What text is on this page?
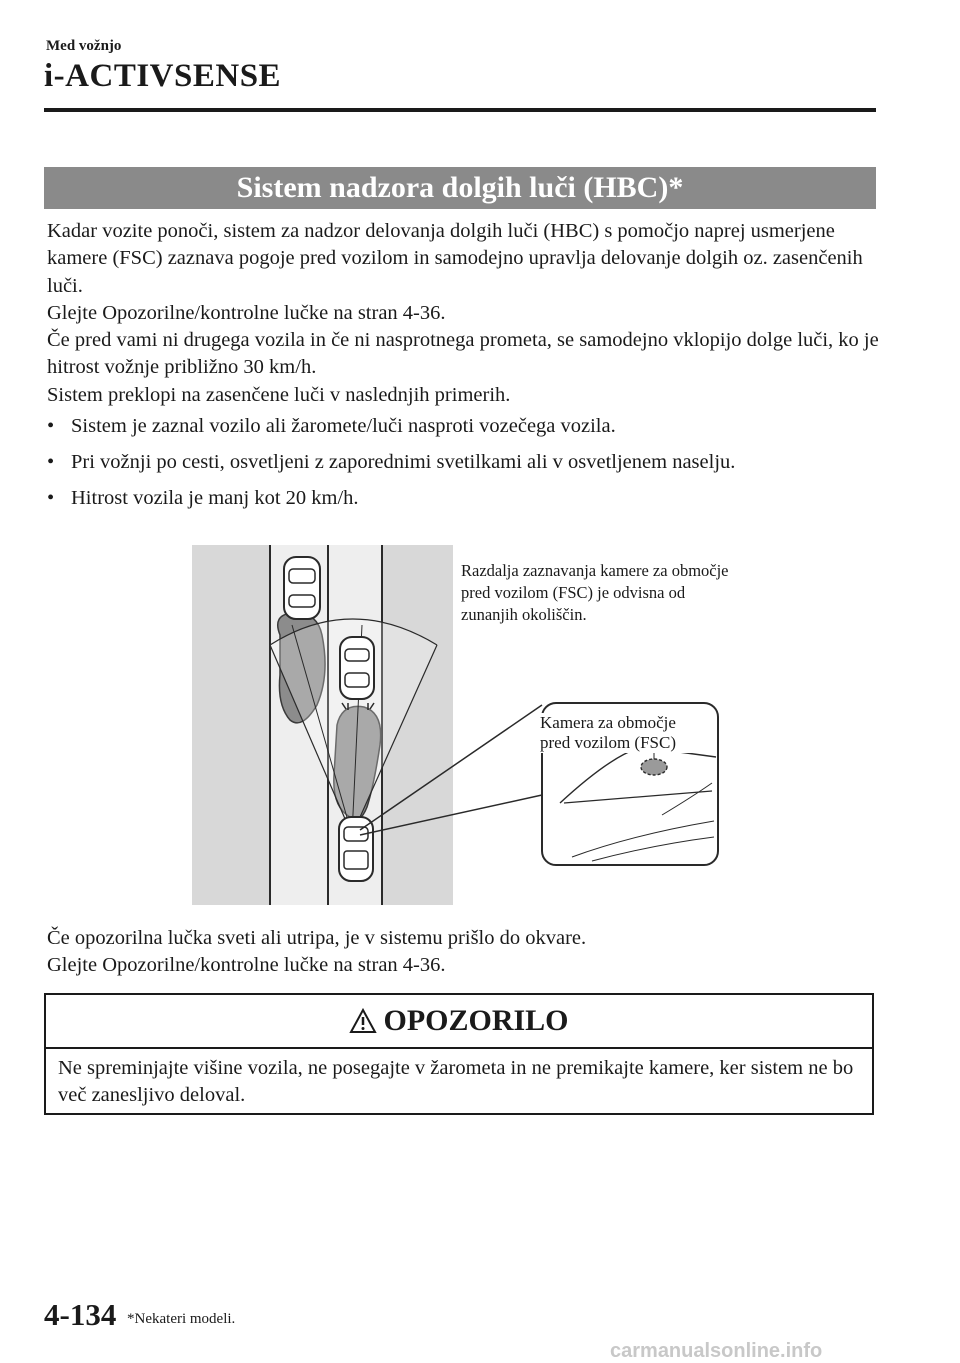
Med vožnjo
i-ACTIVSENSE
Sistem nadzora dolgih luči (HBC)*
Kadar vozite ponoči, sistem za nadzor delovanja dolgih luči (HBC) s pomočjo naprej usmerjene kamere (FSC) zaznava pogoje pred vozilom in samodejno upravlja delovanje dolgih oz. zasenčenih luči.
Glejte Opozorilne/kontrolne lučke na stran 4-36.
Če pred vami ni drugega vozila in če ni nasprotnega prometa, se samodejno vklopijo dolge luči, ko je hitrost vožnje približno 30 km/h.
Sistem preklopi na zasenčene luči v naslednjih primerih.
• Sistem je zaznal vozilo ali žaromete/luči nasproti vozečega vozila.
• Pri vožnji po cesti, osvetljeni z zaporednimi svetilkami ali v osvetljenem naselju.
• Hitrost vozila je manj kot 20 km/h.
Razdalja zaznavanja kamere za območje pred vozilom (FSC) je odvisna od zunanjih okoliščin.
Kamera za območje pred vozilom (FSC)
Če opozorilna lučka sveti ali utripa, je v sistemu prišlo do okvare.
Glejte Opozorilne/kontrolne lučke na stran 4-36.
OPOZORILO
Ne spreminjajte višine vozila, ne posegajte v žarometa in ne premikajte kamere, ker sistem ne bo več zanesljivo deloval.
4-134 *Nekateri modeli.
carmanualsonline.info
